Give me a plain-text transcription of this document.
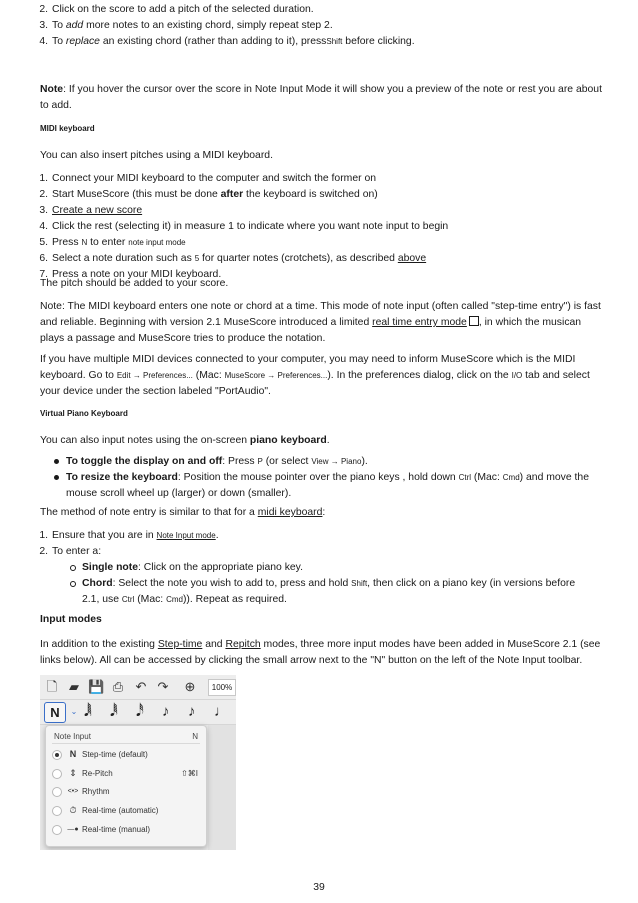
2. Click on the score to add a pitch of the selected duration.
3. To add more notes to an existing chord, simply repeat step 2.
4. To replace an existing chord (rather than adding to it), pressShift before clicking.
Note: If you hover the cursor over the score in Note Input Mode it will show you a preview of the note or rest you are about to add.
MIDI keyboard
You can also insert pitches using a MIDI keyboard.
1. Connect your MIDI keyboard to the computer and switch the former on
2. Start MuseScore (this must be done after the keyboard is switched on)
3. Create a new score
4. Click the rest (selecting it) in measure 1 to indicate where you want note input to begin
5. Press N to enter note input mode
6. Select a note duration such as 5 for quarter notes (crotchets), as described above
7. Press a note on your MIDI keyboard.
The pitch should be added to your score.
Note: The MIDI keyboard enters one note or chord at a time. This mode of note input (often called "step-time entry") is fast
and reliable. Beginning with version 2.1 MuseScore introduced a limited real time entry mode , in which the musican
plays a passage and MuseScore tries to produce the notation.
If you have multiple MIDI devices connected to your computer, you may need to inform MuseScore which is the MIDI
keyboard. Go to Edit → Preferences... (Mac: MuseScore → Preferences...). In the preferences dialog, click on the I/O tab and select
your device under the section labeled "PortAudio".
Virtual Piano Keyboard
You can also input notes using the on-screen piano keyboard.
To toggle the display on and off: Press P (or select View → Piano).
To resize the keyboard: Position the mouse pointer over the piano keys , hold down Ctrl (Mac: Cmd) and move the
mouse scroll wheel up (larger) or down (smaller).
The method of note entry is similar to that for a midi keyboard:
1. Ensure that you are in Note Input mode.
2. To enter a:
Single note: Click on the appropriate piano key.
Chord: Select the note you wish to add to, press and hold Shift, then click on a piano key (in versions before
2.1, use Ctrl (Mac: Cmd)). Repeat as required.
Input modes
In addition to the existing Step-time and Repitch modes, three more input modes have been added in MuseScore 2.1 (see
links below). All can be accessed by clicking the small arrow next to the "N" button on the left of the Note Input toolbar.
🗋 ▰ 💾 ⎙ ↶ ↷ ⊕	100%
N	⌄ 𝅘𝅥𝅲 𝅘𝅥𝅱 𝅘𝅥𝅰 ♪ ♪ ♩
Note Input	N
N Step-time (default)
⇕ Re-Pitch	⇧⌘I
<•> Rhythm
⏱ Real-time (automatic)
—● Real-time (manual)
39
